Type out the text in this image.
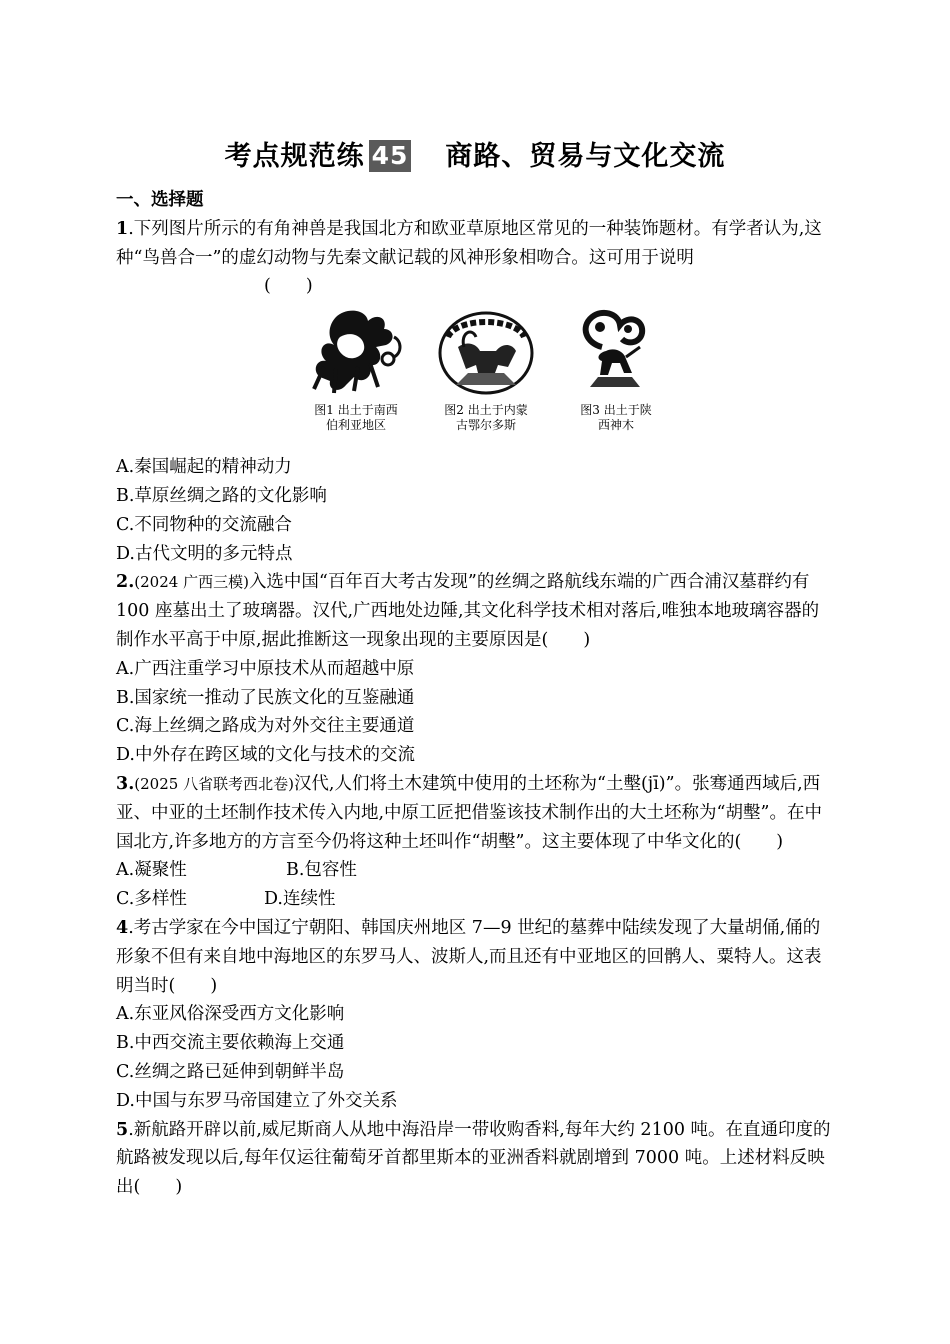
考点规范练 45 商路、贸易与文化交流
一、选择题

1.下列图片所示的有角神兽是我国北方和欧亚草原地区常见的一种装饰题材。有学者认为,这种“鸟兽合一”的虚幻动物与先秦文献记载的风神形象相吻合。这可用于说明

(　　)

图1 出土于南西
伯利亚地区
图2 出土于内蒙
古鄂尔多斯
图3 出土于陕
西神木

A.秦国崛起的精神动力

B.草原丝绸之路的文化影响

C.不同物种的交流融合

D.古代文明的多元特点

2.(2024 广西三模)入选中国“百年百大考古发现”的丝绸之路航线东端的广西合浦汉墓群约有 100 座墓出土了玻璃器。汉代,广西地处边陲,其文化科学技术相对落后,唯独本地玻璃容器的制作水平高于中原,据此推断这一现象出现的主要原因是(　　)

A.广西注重学习中原技术从而超越中原

B.国家统一推动了民族文化的互鉴融通

C.海上丝绸之路成为对外交往主要通道

D.中外存在跨区域的文化与技术的交流

3.(2025 八省联考西北卷)汉代,人们将土木建筑中使用的土坯称为“土墼(jī)”。张骞通西域后,西亚、中亚的土坯制作技术传入内地,中原工匠把借鉴该技术制作出的大土坯称为“胡墼”。在中国北方,许多地方的方言至今仍将这种土坯叫作“胡墼”。这主要体现了中华文化的(　　)

A.凝聚性	B.包容性
C.多样性	D.连续性

4.考古学家在今中国辽宁朝阳、韩国庆州地区 7—9 世纪的墓葬中陆续发现了大量胡俑,俑的形象不但有来自地中海地区的东罗马人、波斯人,而且还有中亚地区的回鹘人、粟特人。这表明当时(　　)

A.东亚风俗深受西方文化影响

B.中西交流主要依赖海上交通

C.丝绸之路已延伸到朝鲜半岛

D.中国与东罗马帝国建立了外交关系

5.新航路开辟以前,威尼斯商人从地中海沿岸一带收购香料,每年大约 2100 吨。在直通印度的航路被发现以后,每年仅运往葡萄牙首都里斯本的亚洲香料就剧增到 7000 吨。上述材料反映出(　　)
